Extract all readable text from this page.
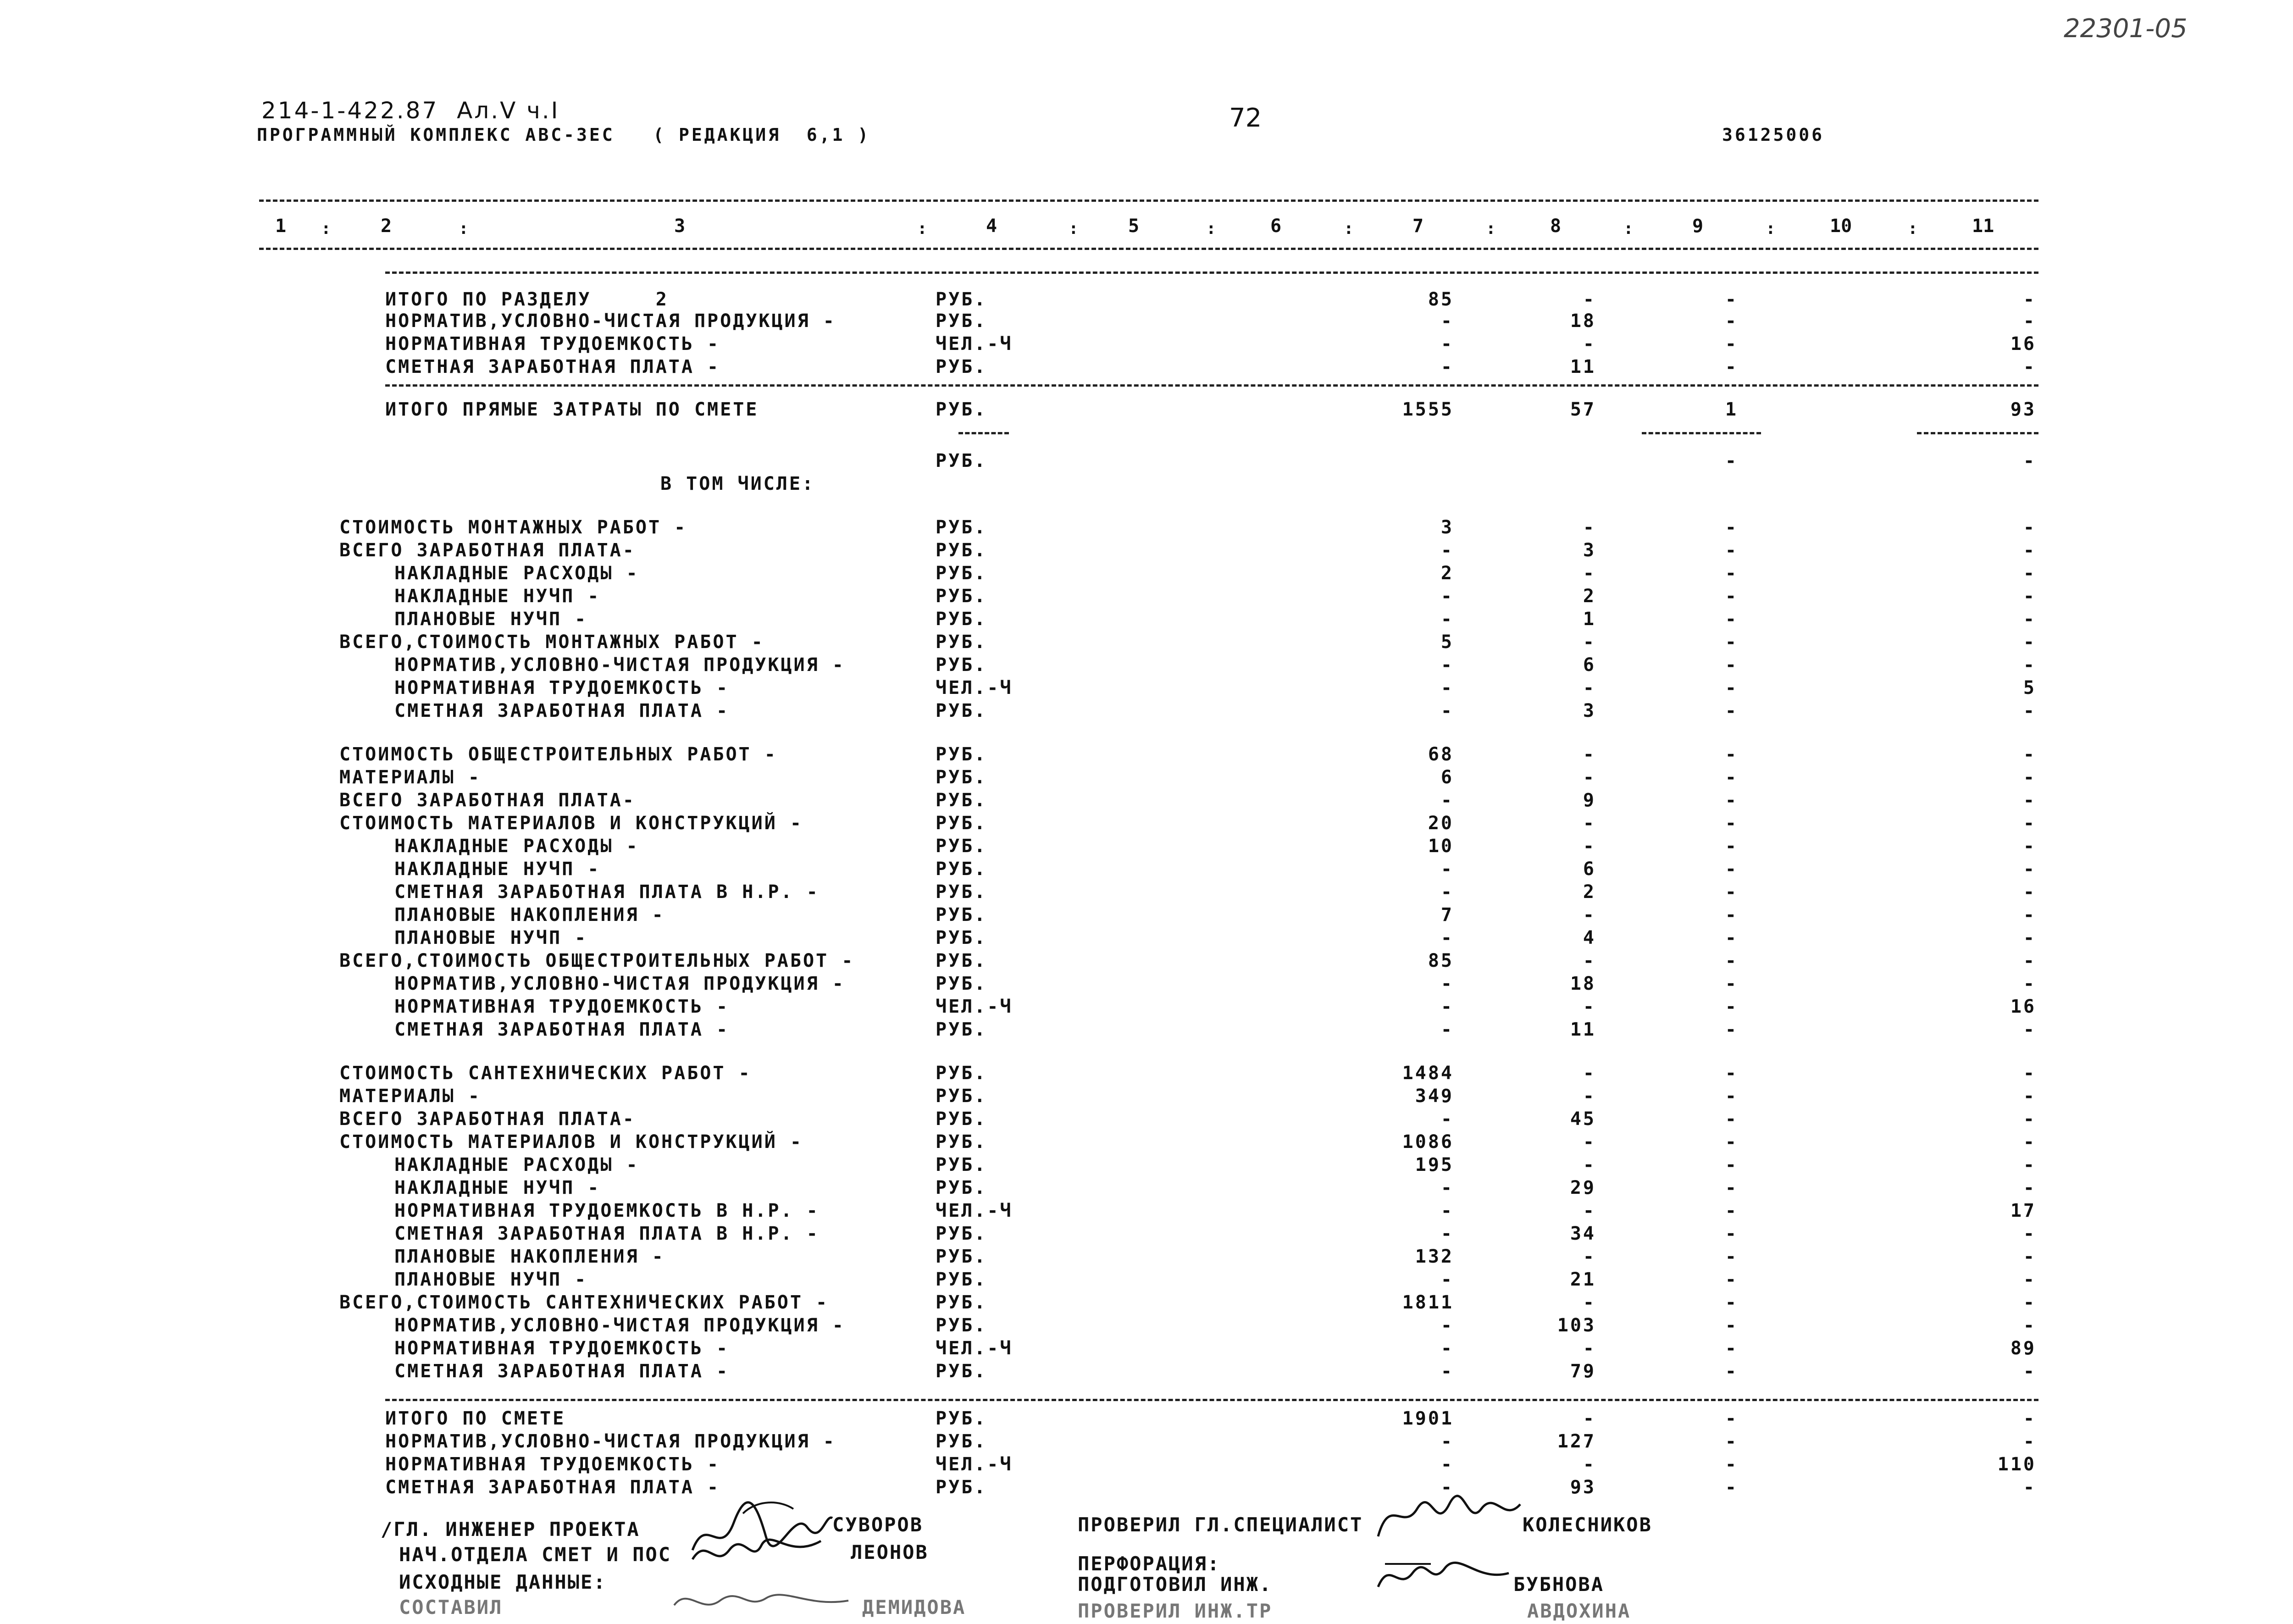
22301-05
214-1-422.87  Ал.V ч.I
ПРОГРАММНЫЙ КОМПЛЕКС АВС-3ЕС   ( РЕДАКЦИЯ  6,1 )
72
36125006
1	2	3	4	5	6	7	8	9	10	11
:	:	:	:	:	:	:	:	:	:
ИТОГО ПО РАЗДЕЛУ     2	РУБ.	85	-	-	-
НОРМАТИВ,УСЛОВНО-ЧИСТАЯ ПРОДУКЦИЯ -	РУБ.	-	18	-	-
НОРМАТИВНАЯ ТРУДОЕМКОСТЬ -	ЧЕЛ.-Ч	-	-	-	16
СМЕТНАЯ ЗАРАБОТНАЯ ПЛАТА -	РУБ.	-	11	-	-
ИТОГО ПРЯМЫЕ ЗАТРАТЫ ПО СМЕТЕ	РУБ.	1555	57	1	93
РУБ.	-	-
В ТОМ ЧИСЛЕ:
СТОИМОСТЬ МОНТАЖНЫХ РАБОТ -	РУБ.	3	-	-	-
ВСЕГО ЗАРАБОТНАЯ ПЛАТА-	РУБ.	-	3	-	-
НАКЛАДНЫЕ РАСХОДЫ -	РУБ.	2	-	-	-
НАКЛАДНЫЕ НУЧП -	РУБ.	-	2	-	-
ПЛАНОВЫЕ НУЧП -	РУБ.	-	1	-	-
ВСЕГО,СТОИМОСТЬ МОНТАЖНЫХ РАБОТ -	РУБ.	5	-	-	-
НОРМАТИВ,УСЛОВНО-ЧИСТАЯ ПРОДУКЦИЯ -	РУБ.	-	6	-	-
НОРМАТИВНАЯ ТРУДОЕМКОСТЬ -	ЧЕЛ.-Ч	-	-	-	5
СМЕТНАЯ ЗАРАБОТНАЯ ПЛАТА -	РУБ.	-	3	-	-
СТОИМОСТЬ ОБЩЕСТРОИТЕЛЬНЫХ РАБОТ -	РУБ.	68	-	-	-
МАТЕРИАЛЫ -	РУБ.	6	-	-	-
ВСЕГО ЗАРАБОТНАЯ ПЛАТА-	РУБ.	-	9	-	-
СТОИМОСТЬ МАТЕРИАЛОВ И КОНСТРУКЦИЙ -	РУБ.	20	-	-	-
НАКЛАДНЫЕ РАСХОДЫ -	РУБ.	10	-	-	-
НАКЛАДНЫЕ НУЧП -	РУБ.	-	6	-	-
СМЕТНАЯ ЗАРАБОТНАЯ ПЛАТА В Н.Р. -	РУБ.	-	2	-	-
ПЛАНОВЫЕ НАКОПЛЕНИЯ -	РУБ.	7	-	-	-
ПЛАНОВЫЕ НУЧП -	РУБ.	-	4	-	-
ВСЕГО,СТОИМОСТЬ ОБЩЕСТРОИТЕЛЬНЫХ РАБОТ -	РУБ.	85	-	-	-
НОРМАТИВ,УСЛОВНО-ЧИСТАЯ ПРОДУКЦИЯ -	РУБ.	-	18	-	-
НОРМАТИВНАЯ ТРУДОЕМКОСТЬ -	ЧЕЛ.-Ч	-	-	-	16
СМЕТНАЯ ЗАРАБОТНАЯ ПЛАТА -	РУБ.	-	11	-	-
СТОИМОСТЬ САНТЕХНИЧЕСКИХ РАБОТ -	РУБ.	1484	-	-	-
МАТЕРИАЛЫ -	РУБ.	349	-	-	-
ВСЕГО ЗАРАБОТНАЯ ПЛАТА-	РУБ.	-	45	-	-
СТОИМОСТЬ МАТЕРИАЛОВ И КОНСТРУКЦИЙ -	РУБ.	1086	-	-	-
НАКЛАДНЫЕ РАСХОДЫ -	РУБ.	195	-	-	-
НАКЛАДНЫЕ НУЧП -	РУБ.	-	29	-	-
НОРМАТИВНАЯ ТРУДОЕМКОСТЬ В Н.Р. -	ЧЕЛ.-Ч	-	-	-	17
СМЕТНАЯ ЗАРАБОТНАЯ ПЛАТА В Н.Р. -	РУБ.	-	34	-	-
ПЛАНОВЫЕ НАКОПЛЕНИЯ -	РУБ.	132	-	-	-
ПЛАНОВЫЕ НУЧП -	РУБ.	-	21	-	-
ВСЕГО,СТОИМОСТЬ САНТЕХНИЧЕСКИХ РАБОТ -	РУБ.	1811	-	-	-
НОРМАТИВ,УСЛОВНО-ЧИСТАЯ ПРОДУКЦИЯ -	РУБ.	-	103	-	-
НОРМАТИВНАЯ ТРУДОЕМКОСТЬ -	ЧЕЛ.-Ч	-	-	-	89
СМЕТНАЯ ЗАРАБОТНАЯ ПЛАТА -	РУБ.	-	79	-	-
ИТОГО ПО СМЕТЕ	РУБ.	1901	-	-	-
НОРМАТИВ,УСЛОВНО-ЧИСТАЯ ПРОДУКЦИЯ -	РУБ.	-	127	-	-
НОРМАТИВНАЯ ТРУДОЕМКОСТЬ -	ЧЕЛ.-Ч	-	-	-	110
СМЕТНАЯ ЗАРАБОТНАЯ ПЛАТА -	РУБ.	-	93	-	-
/ГЛ. ИНЖЕНЕР ПРОЕКТА	СУВОРОВ
НАЧ.ОТДЕЛА СМЕТ И ПОС	ЛЕОНОВ
ИСХОДНЫЕ ДАННЫЕ:
СОСТАВИЛ	ДЕМИДОВА
ПРОВЕРИЛ ГЛ.СПЕЦИАЛИСТ	КОЛЕСНИКОВ
ПЕРФОРАЦИЯ:
ПОДГОТОВИЛ ИНЖ.	БУБНОВА
ПРОВЕРИЛ ИНЖ.ТР	АВДОХИНА
